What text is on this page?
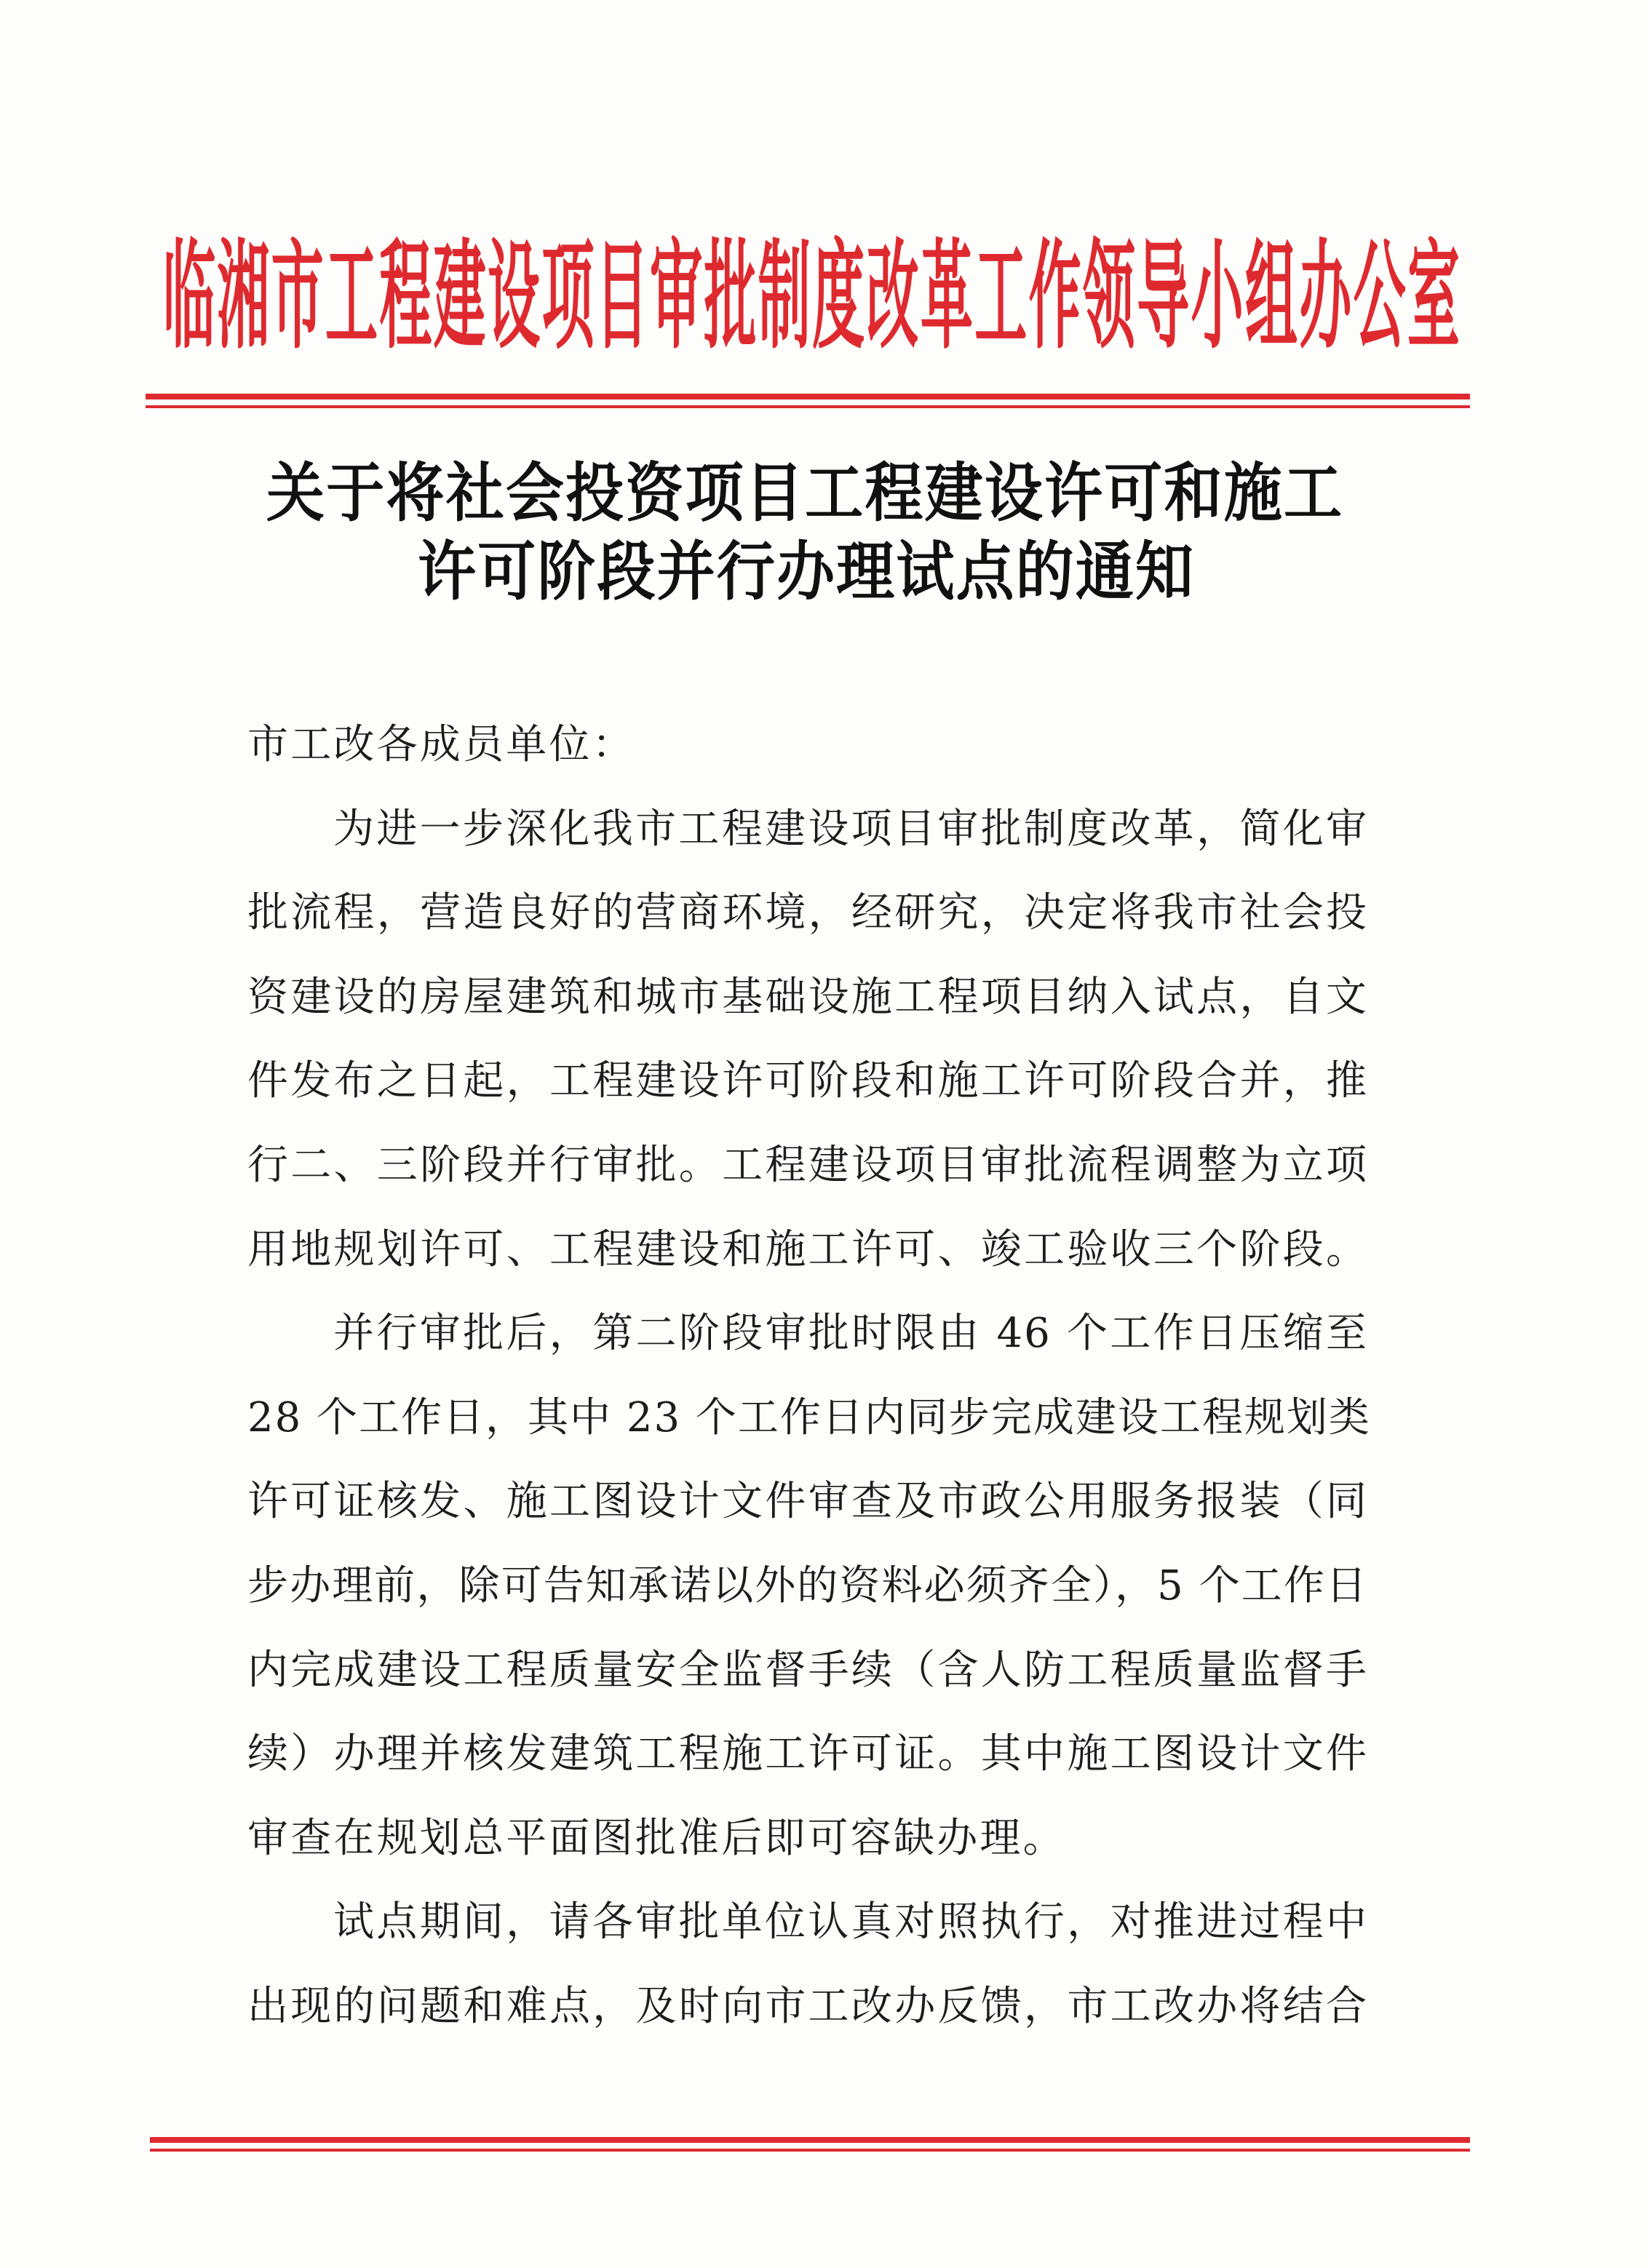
临湘市工程建设项目审批制度改革工作领导小组办公室
关于将社会投资项目工程建设许可和施工
许可阶段并行办理试点的通知
市工改各成员单位：
为进一步深化我市工程建设项目审批制度改革，简化审
批流程，营造良好的营商环境，经研究，决定将我市社会投
资建设的房屋建筑和城市基础设施工程项目纳入试点，自文
件发布之日起，工程建设许可阶段和施工许可阶段合并，推
行二、三阶段并行审批。工程建设项目审批流程调整为立项
用地规划许可、工程建设和施工许可、竣工验收三个阶段。
并行审批后，第二阶段审批时限由 46 个工作日压缩至
28 个工作日，其中 23 个工作日内同步完成建设工程规划类
许可证核发、施工图设计文件审查及市政公用服务报装（同
步办理前，除可告知承诺以外的资料必须齐全），5 个工作日
内完成建设工程质量安全监督手续（含人防工程质量监督手
续）办理并核发建筑工程施工许可证。其中施工图设计文件
审查在规划总平面图批准后即可容缺办理。
试点期间，请各审批单位认真对照执行，对推进过程中
出现的问题和难点，及时向市工改办反馈，市工改办将结合
